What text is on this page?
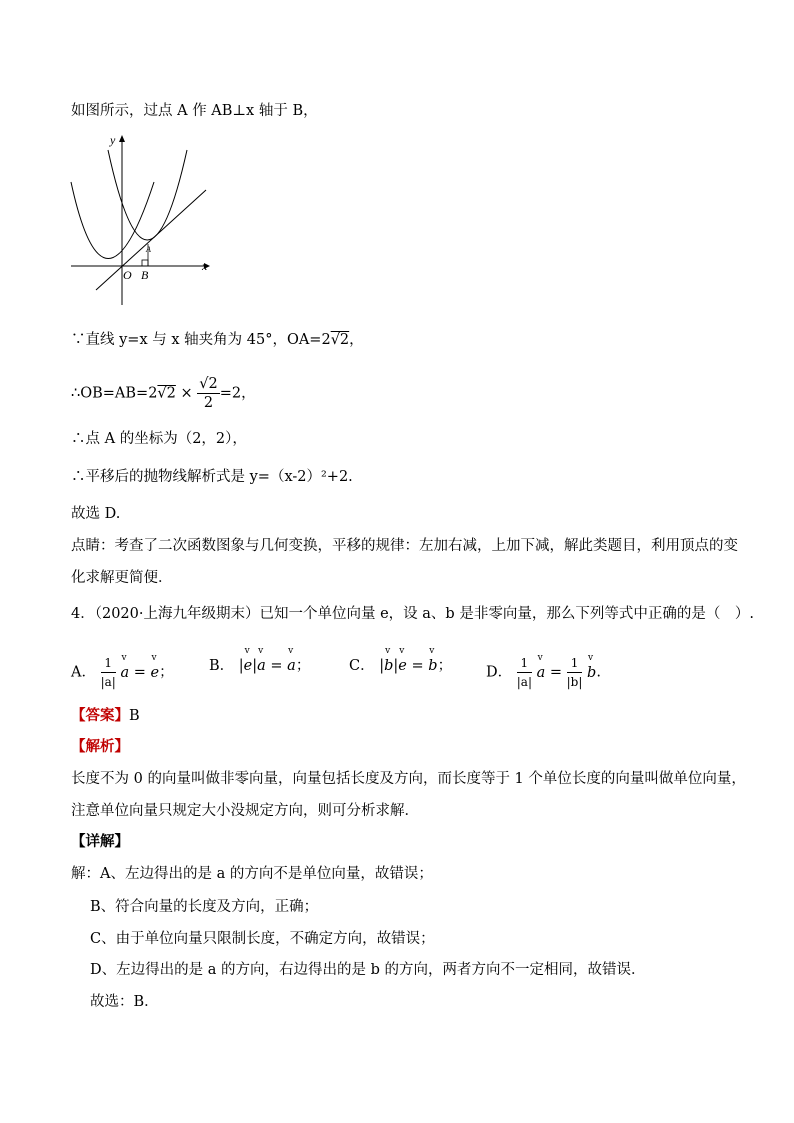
如图所示，过点 A 作 AB⊥x 轴于 B，
y
x
O B
A
∵直线 y=x 与 x 轴夹角为 45°，OA=2√2，
∴OB=AB=2√2 × $\frac{√2}{2} =2$，
∴点 A 的坐标为（2，2），
∴平移后的抛物线解析式是 y=（x-2）²+2.
故选 D.
点睛：考查了二次函数图象与几何变换，平移的规律：左加右减，上加下减，解此类题目，利用顶点的变
化求解更简便．
4．（2020·上海九年级期末）已知一个单位向量 e，设 a、b 是非零向量，那么下列等式中正确的是（　）.
A． $\frac{1}{|a|}$ v a = v e； B． |v e|v a = v a；	C． |v b|v e = v b； D． $\frac{1}{|a|}$ v $a = \frac{1}{|b|}$ v b.
【答案】B
【解析】
长度不为 0 的向量叫做非零向量，向量包括长度及方向，而长度等于 1 个单位长度的向量叫做单位向量，
注意单位向量只规定大小没规定方向，则可分析求解．
【详解】
解：A、左边得出的是 a 的方向不是单位向量，故错误；
B、符合向量的长度及方向，正确；
C、由于单位向量只限制长度，不确定方向，故错误；
D、左边得出的是 a 的方向，右边得出的是 b 的方向，两者方向不一定相同，故错误．
故选：B．
